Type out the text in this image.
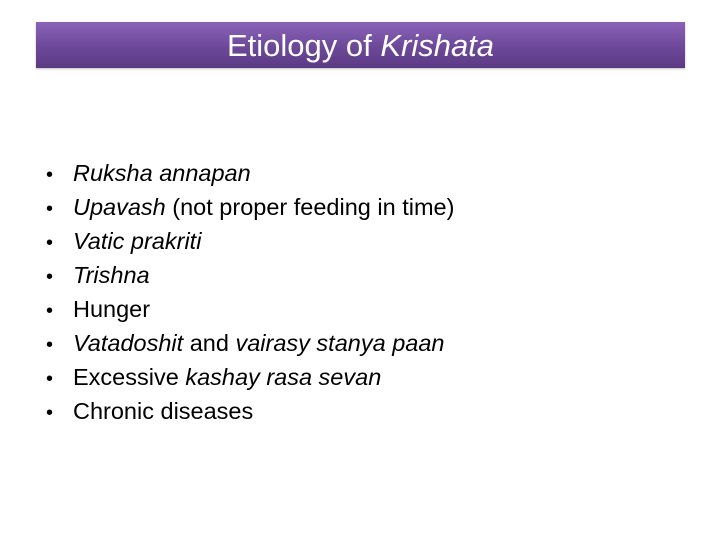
Etiology of Krishata
• Ruksha annapan
• Upavash (not proper feeding in time)
• Vatic prakriti
• Trishna
• Hunger
• Vatadoshit and vairasy stanya paan
• Excessive kashay rasa sevan
• Chronic diseases
